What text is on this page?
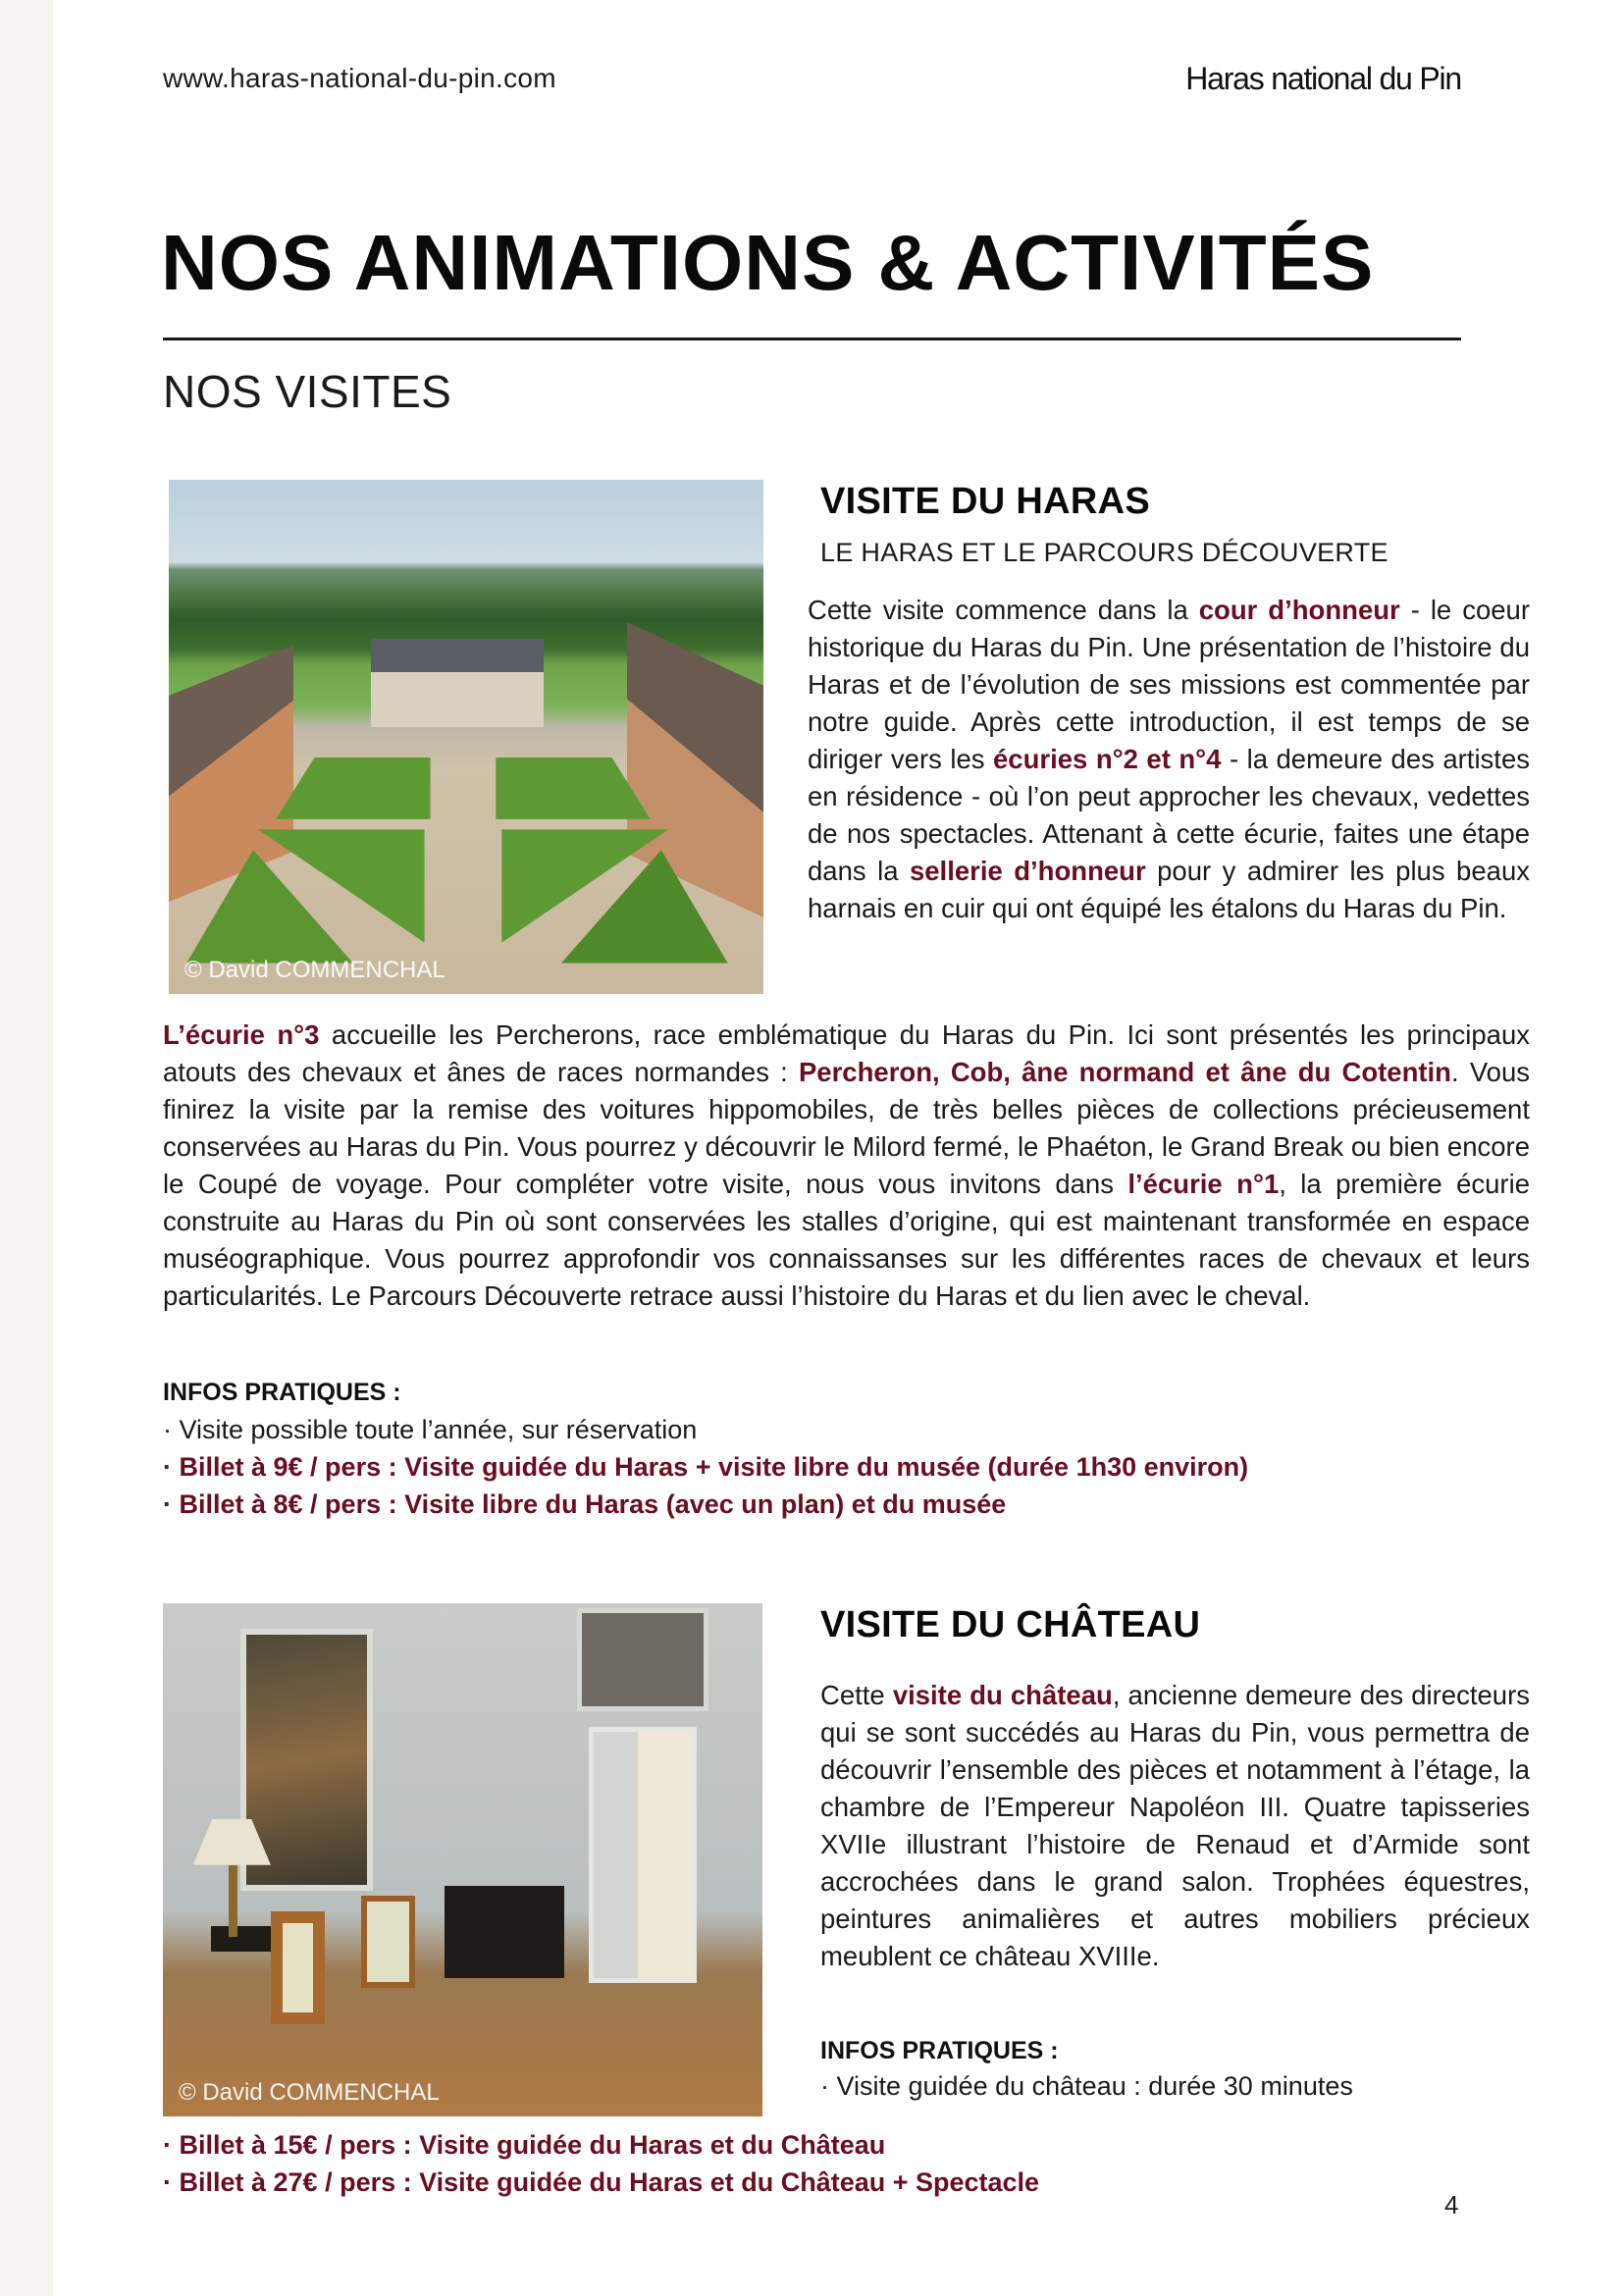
www.haras-national-du-pin.com	Haras national du Pin
NOS ANIMATIONS & ACTIVITÉS
NOS VISITES
© David COMMENCHAL
VISITE DU HARAS
LE HARAS ET LE PARCOURS DÉCOUVERTE

Cette visite commence dans la cour d’honneur - le coeur historique du Haras du Pin. Une présentation de l’histoire du Haras et de l’évolution de ses missions est commentée par notre guide. Après cette introduction, il est temps de se diriger vers les écuries n°2 et n°4 - la demeure des artistes en résidence - où l’on peut approcher les chevaux, vedettes de nos spectacles. Attenant à cette écurie, faites une étape dans la sellerie d’honneur pour y admirer les plus beaux harnais en cuir qui ont équipé les étalons du Haras du Pin.

L’écurie n°3 accueille les Percherons, race emblématique du Haras du Pin. Ici sont présentés les principaux atouts des chevaux et ânes de races normandes : Percheron, Cob, âne normand et âne du Cotentin. Vous finirez la visite par la remise des voitures hippomobiles, de très belles pièces de collections précieusement conservées au Haras du Pin. Vous pourrez y découvrir le Milord fermé, le Phaéton, le Grand Break ou bien encore le Coupé de voyage. Pour compléter votre visite, nous vous invitons dans l’écurie n°1, la première écurie construite au Haras du Pin où sont conservées les stalles d’origine, qui est maintenant transformée en espace muséographique. Vous pourrez approfondir vos connaissanses sur les différentes races de chevaux et leurs particularités. Le Parcours Découverte retrace aussi l’histoire du Haras et du lien avec le cheval.

INFOS PRATIQUES :
© David COMMENCHAL
VISITE DU CHÂTEAU

Cette visite du château, ancienne demeure des directeurs qui se sont succédés au Haras du Pin, vous permettra de découvrir l’ensemble des pièces et notamment à l’étage, la chambre de l’Empereur Napoléon III. Quatre tapisseries XVIIe illustrant l’histoire de Renaud et d’Armide sont accrochées dans le grand salon. Trophées équestres, peintures animalières et autres mobiliers précieux meublent ce château XVIIIe.

INFOS PRATIQUES :
4
· Visite possible toute l’année, sur réservation
· Billet à 9€ / pers : Visite guidée du Haras + visite libre du musée (durée 1h30 environ)
· Billet à 8€ / pers : Visite libre du Haras (avec un plan) et du musée
· Visite guidée du château : durée 30 minutes
· Billet à 15€ / pers : Visite guidée du Haras et du Château
· Billet à 27€ / pers : Visite guidée du Haras et du Château + Spectacle
